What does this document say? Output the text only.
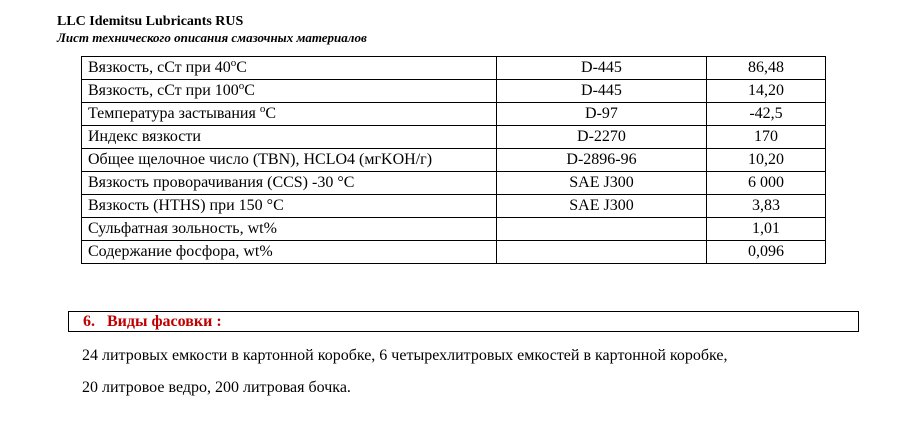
LLC Idemitsu Lubricants RUS
Лист технического описания смазочных материалов
Вязкость, сСт при 40$^o$С	D-445	86,48
Вязкость, сСт при 100$^o$С	D-445	14,20
Температура застывания $^o$С	D-97	-42,5
Индекс вязкости	D-2270	170
Общее щелочное число (TBN), HCLO4 (мгKOH/г)	D-2896-96	10,20
Вязкость проворачивания (CCS) -30 °C	SAE J300	6 000
Вязкость (HTHS) при 150 °C	SAE J300	3,83
Сульфатная зольность, wt%		1,01
Содержание фосфора, wt%		0,096
6. Виды фасовки :
24 литровых емкости в картонной коробке, 6 четырехлитровых емкостей в картонной коробке,
20 литровое ведро, 200 литровая бочка.
